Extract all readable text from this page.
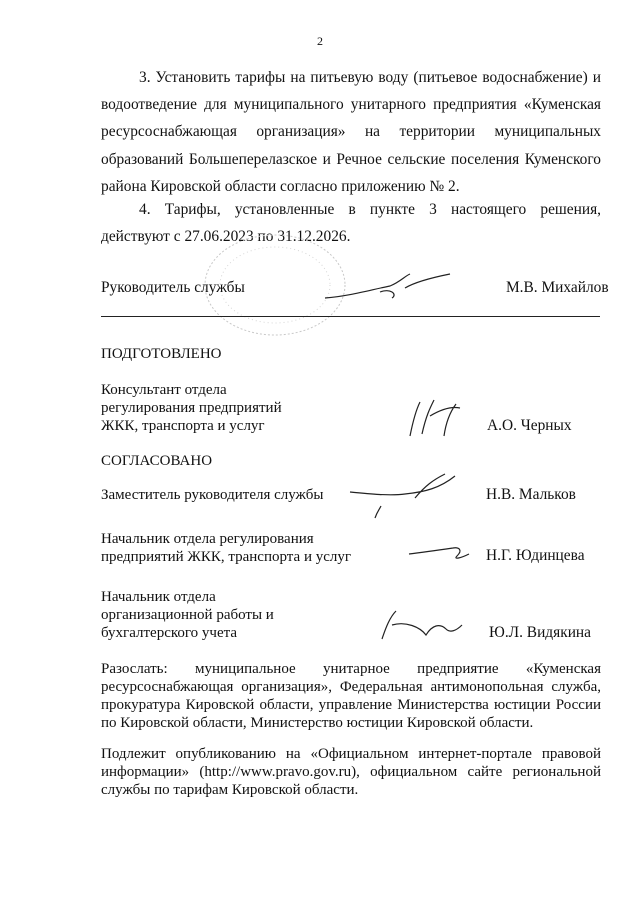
2
3. Установить тарифы на питьевую воду (питьевое водоснабжение) и водоотведение для муниципального унитарного предприятия «Куменская ресурсоснабжающая организация» на территории муниципальных образований Большеперелазское и Речное сельские поселения Куменского района Кировской области согласно приложению № 2.
4. Тарифы, установленные в пункте 3 настоящего решения, действуют с 27.06.2023 по 31.12.2026.
Руководитель службы	М.В. Михайлов
ПОДГОТОВЛЕНО
Консультант отдела
регулирования предприятий
ЖКК, транспорта и услуг	А.О. Черных
СОГЛАСОВАНО
Заместитель руководителя службы	Н.В. Мальков
Начальник отдела регулирования
предприятий ЖКК, транспорта и услуг	Н.Г. Юдинцева
Начальник отдела
организационной работы и
бухгалтерского учета	Ю.Л. Видякина
Разослать: муниципальное унитарное предприятие «Куменская ресурсоснабжающая организация», Федеральная антимонопольная служба, прокуратура Кировской области, управление Министерства юстиции России по Кировской области, Министерство юстиции Кировской области.
Подлежит опубликованию на «Официальном интернет-портале правовой информации» (http://www.pravo.gov.ru), официальном сайте региональной службы по тарифам Кировской области.
